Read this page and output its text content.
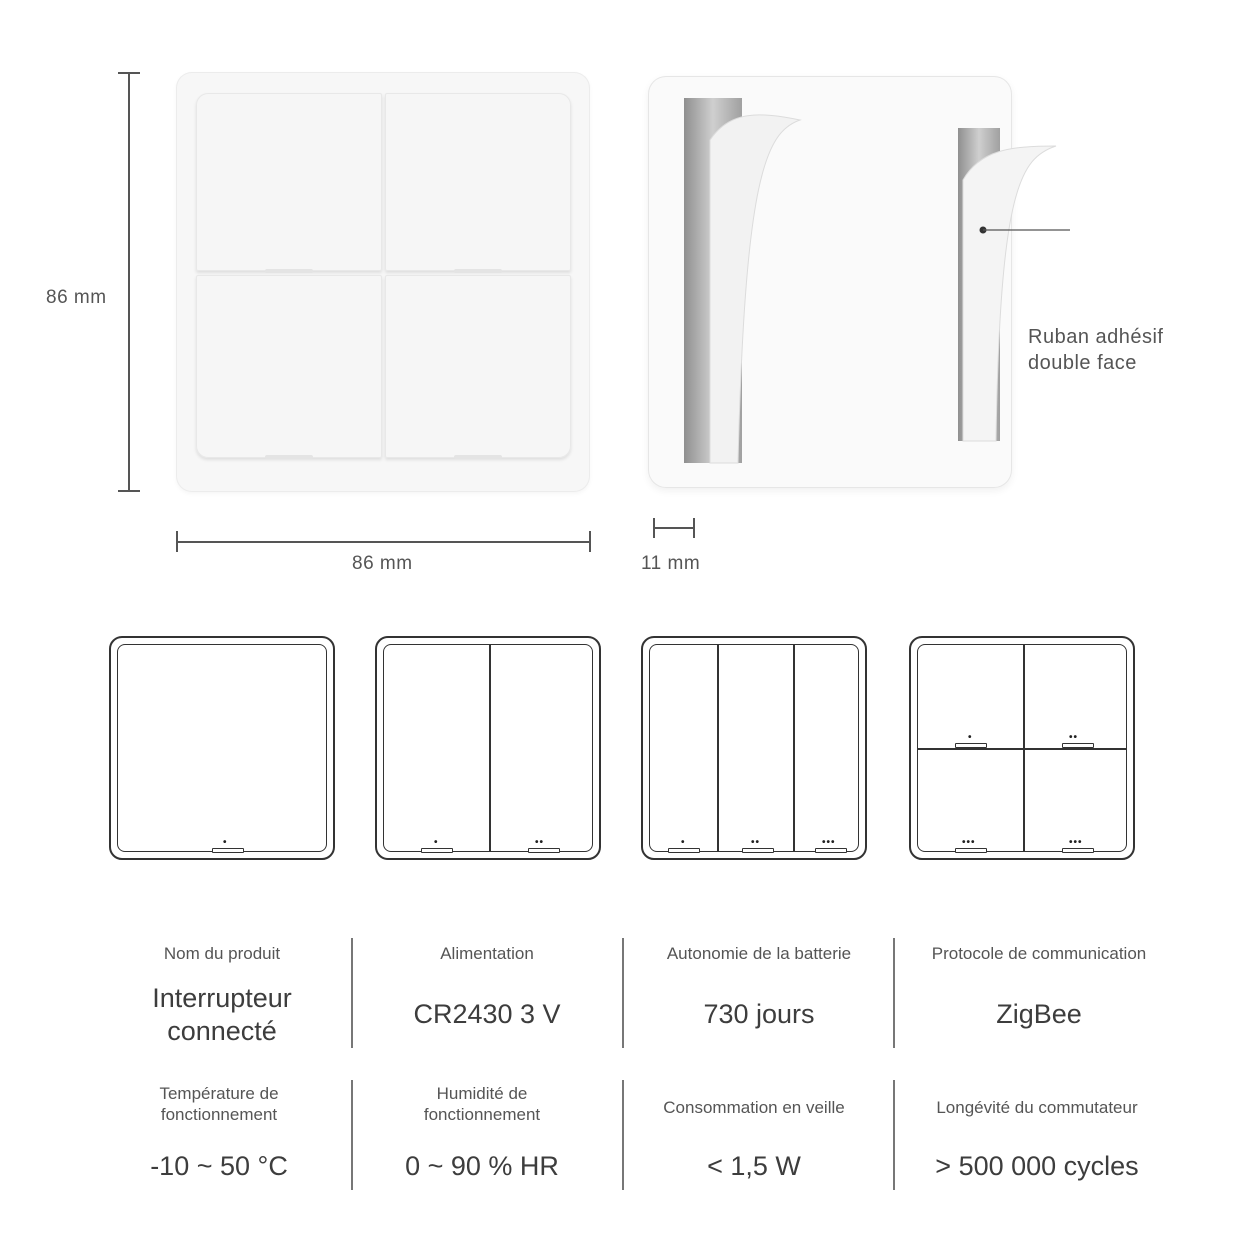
86 mm
86 mm
Ruban adhésif
double face
11 mm
•	•	••	•	••	•••
•	••
•••	•••
Nom du produit
Interrupteur connecté
Alimentation
CR2430 3 V
Autonomie de la batterie
730 jours
Protocole de communication
ZigBee
Température de fonctionnement
-10 ~ 50 °C
Humidité de fonctionnement
0 ~ 90 % HR
Consommation en veille
< 1,5 W
Longévité du commutateur
> 500 000 cycles
